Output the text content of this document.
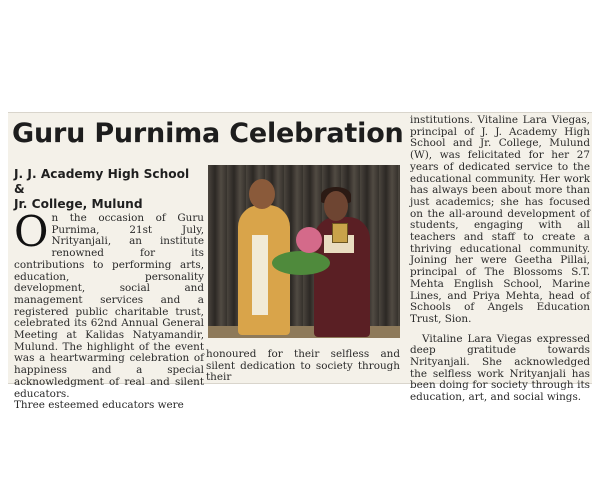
Guru Purnima Celebration
J. J. Academy High School &
Jr. College, Mulund

On the occasion of Guru Purnima, 21st July, Nrityanjali, an institute renowned for its contributions to performing arts, education, personality development, social and management services and a registered public charitable trust, celebrated its 62nd Annual General Meeting at Kalidas Natyamandir, Mulund. The highlight of the event was a heartwarming celebration of happiness and a special acknowledgment of real and silent educators.

Three esteemed educators were

honoured for their selfless and silent dedication to society through their

institutions. Vitaline Lara Viegas, principal of J. J. Academy High School and Jr. College, Mulund (W), was felicitated for her 27 years of dedicated service to the educational community. Her work has always been about more than just academics; she has focused on the all-around development of students, engaging with all teachers and staff to create a thriving educational community. Joining her were Geetha Pillai, principal of The Blossoms S.T. Mehta English School, Marine Lines, and Priya Mehta, head of Schools of Angels Education Trust, Sion.

Vitaline Lara Viegas expressed deep gratitude towards Nrityanjali. She acknowledged the selfless work Nrityanjali has been doing for society through its education, art, and social wings.
